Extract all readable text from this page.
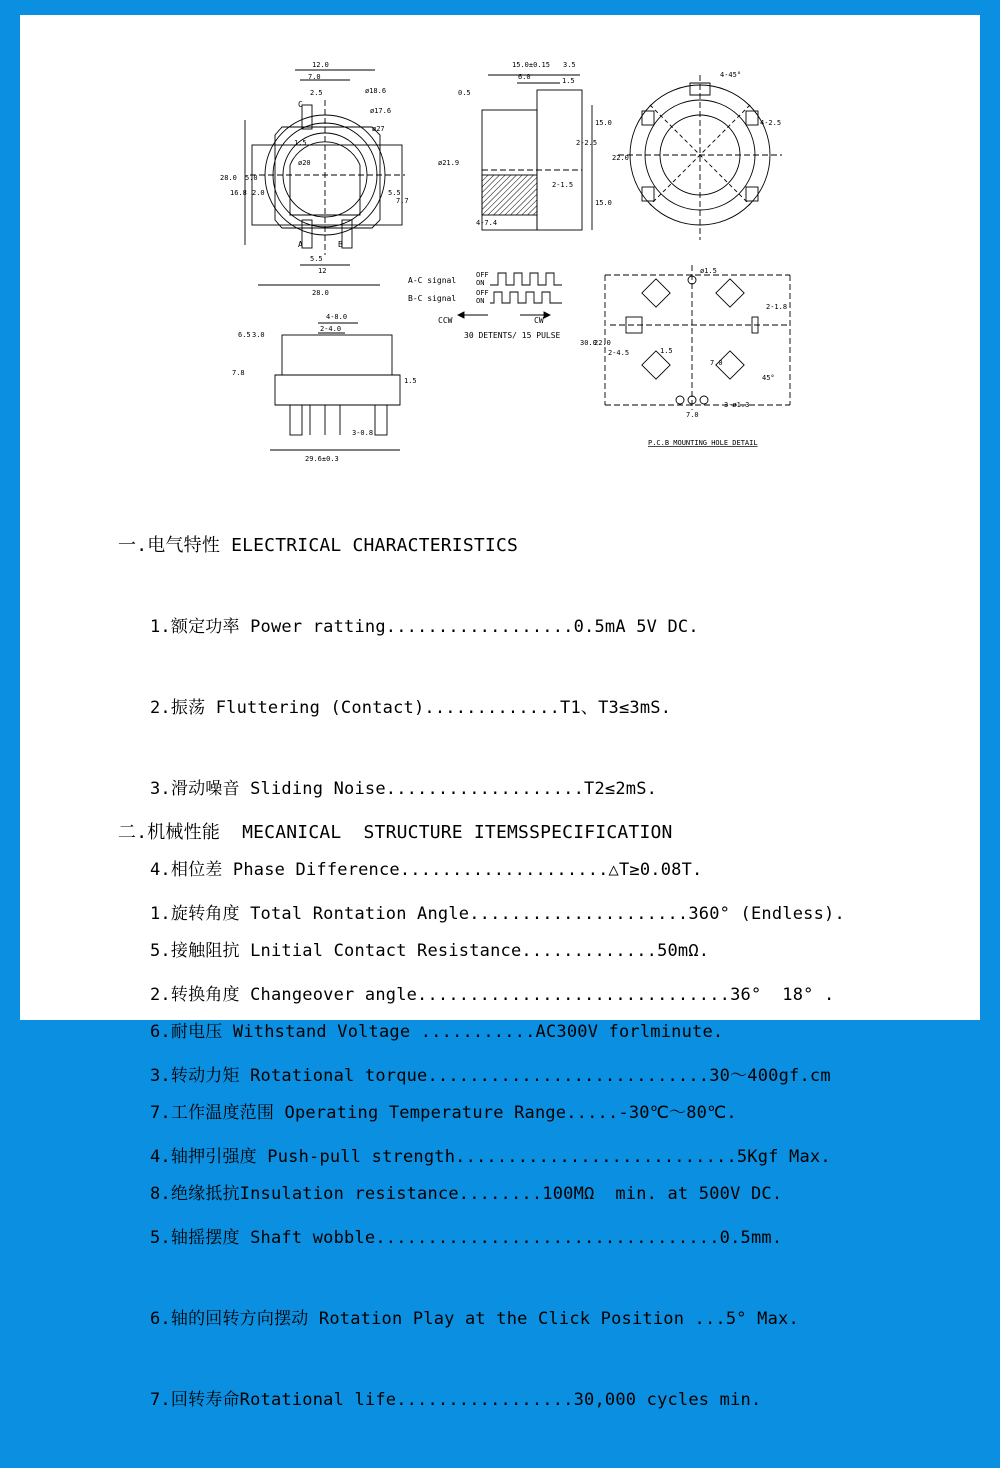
12.0
7.0
2.5	ø18.6
ø17.6
ø27
1.5
ø20
28.0
16.8
5.0
2.0	5.5
7.7
5.5
12
28.0
C
A	B
15.0±0.15
6.0
3.5
1.5
0.5
2-2.5
15.0
ø21.9
2-1.5
15.0
4-7.4
4-45°
4-2.5
22.0
4-8.0
2-4.0
6.5 3.0
7.8
1.5
3-0.8
29.6±0.3
A-C signal
B-C signal
OFF
ON
OFF
ON
CCW	CW
30 DETENTS/ 15 PULSE
ø1.5
2-1.8
30.0
22.0
2-4.5	1.5
7.0
45°
7.0
3-ø1.3
P.C.B MOUNTING HOLE DETAIL

一.电气特性 ELECTRICAL CHARACTERISTICS

1.额定功率 Power ratting..................0.5mA 5V DC.

2.振荡 Fluttering (Contact).............T1、T3≤3mS.

3.滑动噪音 Sliding Noise...................T2≤2mS.

4.相位差 Phase Difference....................△T≥0.08T.

5.接触阻抗 Lnitial Contact Resistance.............50mΩ.

6.耐电压 Withstand Voltage ...........AC300V forlminute.

7.工作温度范围 Operating Temperature Range.....-30℃～80℃.

8.绝缘抵抗Insulation resistance........100MΩ  min. at 500V DC.

二.机械性能  MECANICAL  STRUCTURE ITEMSSPECIFICATION

1.旋转角度 Total Rontation Angle.....................360° (Endless).

2.转换角度 Changeover angle..............................36°  18° .

3.转动力矩 Rotational torque...........................30～400gf.cm

4.轴押引强度 Push-pull strength...........................5Kgf Max.

5.轴摇摆度 Shaft wobble.................................0.5mm.

6.轴的回转方向摆动 Rotation Play at the Click Position ...5° Max.

7.回转寿命Rotational life.................30,000 cycles min.
